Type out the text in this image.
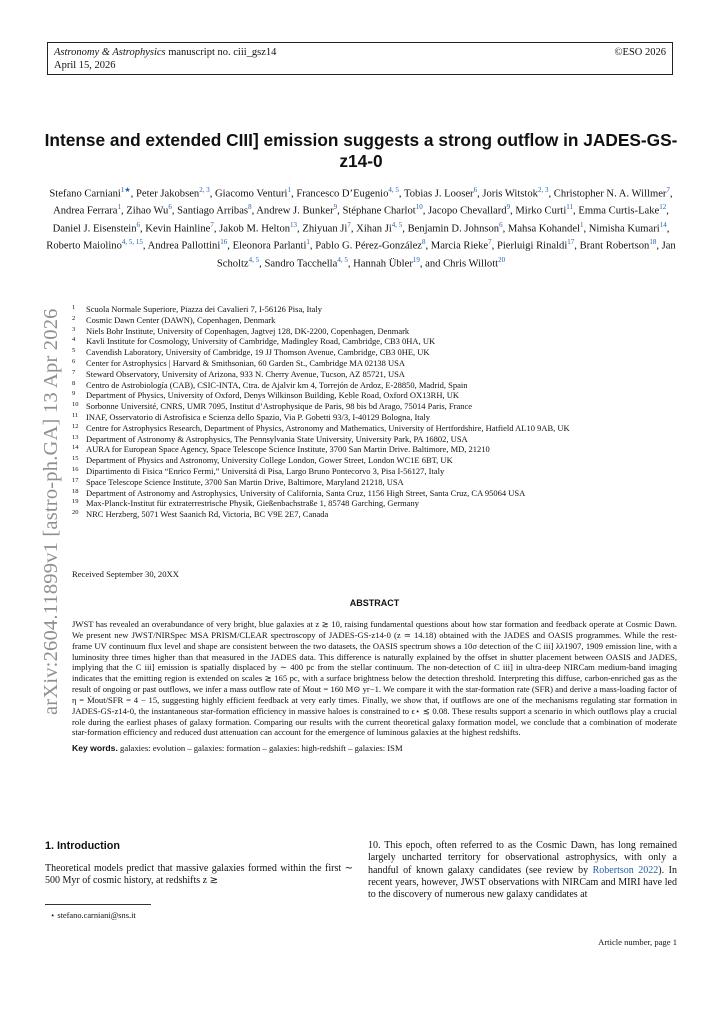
Astronomy & Astrophysics manuscript no. ciii_gsz14
April 15, 2026
©ESO 2026
arXiv:2604.11899v1 [astro-ph.GA] 13 Apr 2026
Intense and extended CIII] emission suggests a strong outflow in JADES-GS-z14-0
Stefano Carniani$^{1★}$, Peter Jakobsen$^{2, 3}$, Giacomo Venturi$^1$, Francesco D’Eugenio$^{4, 5}$, Tobias J. Looser$^6$, Joris Witstok$^{2, 3}$, Christopher N. A. Willmer$^7$, Andrea Ferrara$^1$, Zihao Wu$^6$, Santiago Arribas$^8$, Andrew J. Bunker$^9$, Stéphane Charlot$^{10}$, Jacopo Chevallard$^9$, Mirko Curti$^{11}$, Emma Curtis-Lake$^{12}$, Daniel J. Eisenstein$^6$, Kevin Hainline$^7$, Jakob M. Helton$^{13}$, Zhiyuan Ji$^7$, Xihan Ji$^{4, 5}$, Benjamin D. Johnson$^6$, Mahsa Kohandel$^1$, Nimisha Kumari$^{14}$, Roberto Maiolino$^{4, 5, 15}$, Andrea Pallottini$^{16}$, Eleonora Parlanti$^1$, Pablo G. Pérez-González$^8$, Marcia Rieke$^7$, Pierluigi Rinaldi$^{17}$, Brant Robertson$^{18}$, Jan Scholtz$^{4, 5}$, Sandro Tacchella$^{4, 5}$, Hannah Übler$^{19}$, and Chris Willott$^{20}$
1 Scuola Normale Superiore, Piazza dei Cavalieri 7, I-56126 Pisa, Italy
2 Cosmic Dawn Center (DAWN), Copenhagen, Denmark
3 Niels Bohr Institute, University of Copenhagen, Jagtvej 128, DK-2200, Copenhagen, Denmark
4 Kavli Institute for Cosmology, University of Cambridge, Madingley Road, Cambridge, CB3 0HA, UK
5 Cavendish Laboratory, University of Cambridge, 19 JJ Thomson Avenue, Cambridge, CB3 0HE, UK
6 Center for Astrophysics | Harvard & Smithsonian, 60 Garden St., Cambridge MA 02138 USA
7 Steward Observatory, University of Arizona, 933 N. Cherry Avenue, Tucson, AZ 85721, USA
8 Centro de Astrobiología (CAB), CSIC-INTA, Ctra. de Ajalvir km 4, Torrejón de Ardoz, E-28850, Madrid, Spain
9 Department of Physics, University of Oxford, Denys Wilkinson Building, Keble Road, Oxford OX13RH, UK
10 Sorbonne Université, CNRS, UMR 7095, Institut d’Astrophysique de Paris, 98 bis bd Arago, 75014 Paris, France
11 INAF, Osservatorio di Astrofisica e Scienza dello Spazio, Via P. Gobetti 93/3, I-40129 Bologna, Italy
12 Centre for Astrophysics Research, Department of Physics, Astronomy and Mathematics, University of Hertfordshire, Hatfield AL10 9AB, UK
13 Department of Astronomy & Astrophysics, The Pennsylvania State University, University Park, PA 16802, USA
14 AURA for European Space Agency, Space Telescope Science Institute, 3700 San Martin Drive. Baltimore, MD, 21210
15 Department of Physics and Astronomy, University College London, Gower Street, London WC1E 6BT, UK
16 Dipartimento di Fisica “Enrico Fermi,” Universitá di Pisa, Largo Bruno Pontecorvo 3, Pisa I-56127, Italy
17 Space Telescope Science Institute, 3700 San Martin Drive, Baltimore, Maryland 21218, USA
18 Department of Astronomy and Astrophysics, University of California, Santa Cruz, 1156 High Street, Santa Cruz, CA 95064 USA
19 Max-Planck-Institut für extraterrestrische Physik, Gießenbachstraße 1, 85748 Garching, Germany
20 NRC Herzberg, 5071 West Saanich Rd, Victoria, BC V9E 2E7, Canada
Received September 30, 20XX
ABSTRACT
JWST has revealed an overabundance of very bright, blue galaxies at z ≳ 10, raising fundamental questions about how star formation and feedback operate at Cosmic Dawn. We present new JWST/NIRSpec MSA PRISM/CLEAR spectroscopy of JADES-GS-z14-0 (z ≃ 14.18) obtained with the JADES and OASIS programmes. While the rest-frame UV continuum flux level and shape are consistent between the two datasets, the OASIS spectrum shows a 10σ detection of the C iii] λλ1907, 1909 emission line, with a luminosity three times higher than that measured in the JADES data. This difference is naturally explained by the offset in shutter placement between OASIS and JADES, implying that the C iii] emission is spatially displaced by ∼ 400 pc from the stellar continuum. The non-detection of C iii] in ultra-deep NIRCam medium-band imaging indicates that the emitting region is extended on scales ≳ 165 pc, with a surface brightness below the detection threshold. Interpreting this diffuse, carbon-enriched gas as the result of ongoing or past outflows, we infer a mass outflow rate of Ṁout = 160 M⊙ yr−1. We compare it with the star-formation rate (SFR) and derive a mass-loading factor of η = Ṁout/SFR = 4 − 15, suggesting highly efficient feedback at very early times. Finally, we show that, if outflows are one of the mechanisms regulating star formation in JADES-GS-z14-0, the instantaneous star-formation efficiency in massive haloes is constrained to ϵ⋆ ≲ 0.08. These results support a scenario in which outflows play a crucial role during the earliest phases of galaxy formation. Comparing our results with the current theoretical galaxy formation model, we conclude that a combination of moderate star-formation efficiency and reduced dust attenuation can account for the emergence of luminous galaxies at the highest redshifts.
Key words. galaxies: evolution – galaxies: formation – galaxies: high-redshift – galaxies: ISM
1. Introduction
Theoretical models predict that massive galaxies formed within the first ∼ 500 Myr of cosmic history, at redshifts z ≳
10. This epoch, often referred to as the Cosmic Dawn, has long remained largely uncharted territory for observational astrophysics, with only a handful of known galaxy candidates (see review by Robertson 2022). In recent years, however, JWST observations with NIRCam and MIRI have led to the discovery of numerous new galaxy candidates at
⋆ stefano.carniani@sns.it
Article number, page 1
